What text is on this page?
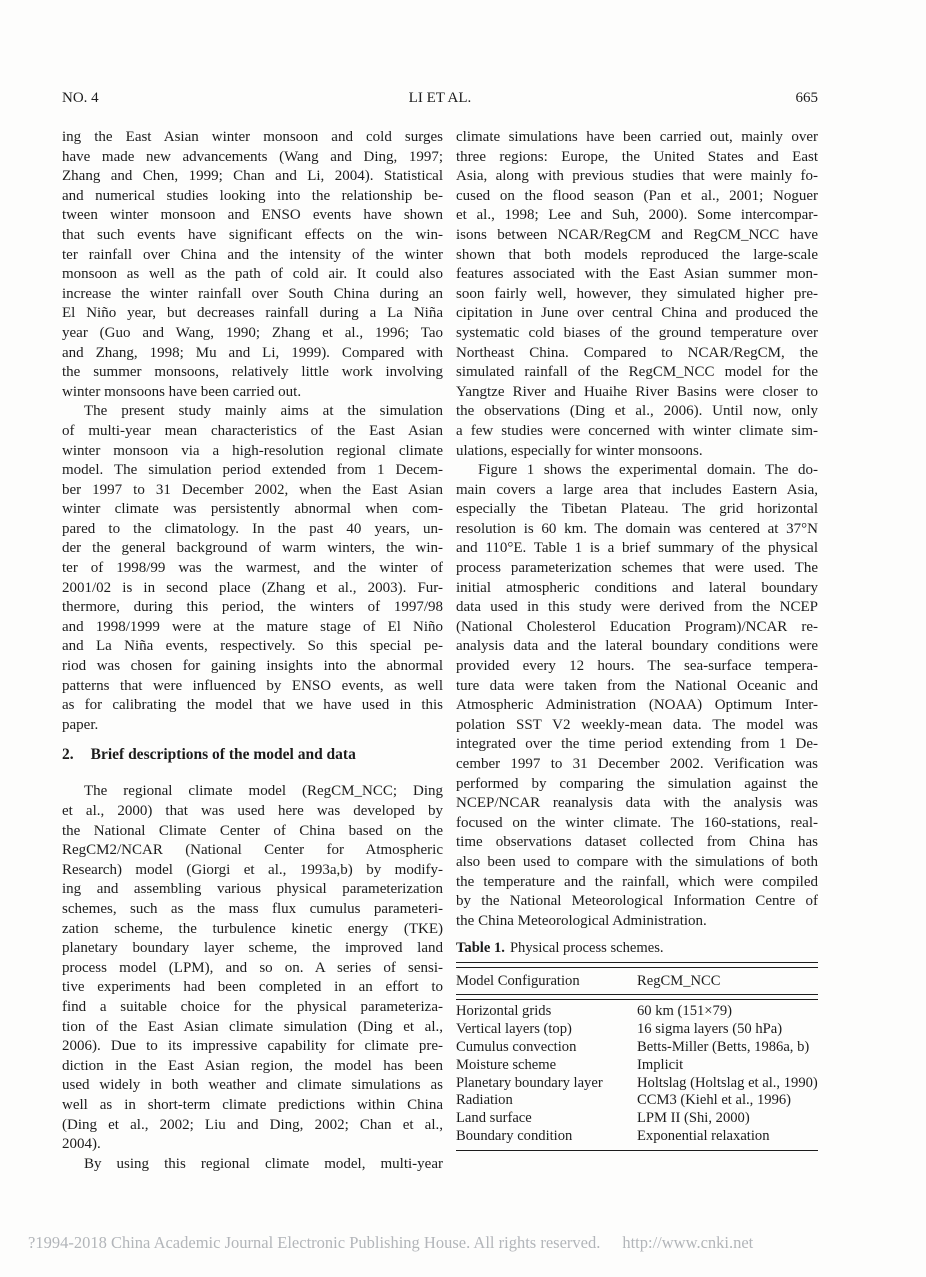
NO. 4	LI ET AL.	665
ing the East Asian winter monsoon and cold surges
have made new advancements (Wang and Ding, 1997;
Zhang and Chen, 1999; Chan and Li, 2004). Statistical
and numerical studies looking into the relationship be-
tween winter monsoon and ENSO events have shown
that such events have significant effects on the win-
ter rainfall over China and the intensity of the winter
monsoon as well as the path of cold air. It could also
increase the winter rainfall over South China during an
El Niño year, but decreases rainfall during a La Niña
year (Guo and Wang, 1990; Zhang et al., 1996; Tao
and Zhang, 1998; Mu and Li, 1999). Compared with
the summer monsoons, relatively little work involving
winter monsoons have been carried out.
The present study mainly aims at the simulation
of multi-year mean characteristics of the East Asian
winter monsoon via a high-resolution regional climate
model. The simulation period extended from 1 Decem-
ber 1997 to 31 December 2002, when the East Asian
winter climate was persistently abnormal when com-
pared to the climatology. In the past 40 years, un-
der the general background of warm winters, the win-
ter of 1998/99 was the warmest, and the winter of
2001/02 is in second place (Zhang et al., 2003). Fur-
thermore, during this period, the winters of 1997/98
and 1998/1999 were at the mature stage of El Niño
and La Niña events, respectively. So this special pe-
riod was chosen for gaining insights into the abnormal
patterns that were influenced by ENSO events, as well
as for calibrating the model that we have used in this
paper.
2. Brief descriptions of the model and data
The regional climate model (RegCM_NCC; Ding
et al., 2000) that was used here was developed by
the National Climate Center of China based on the
RegCM2/NCAR (National Center for Atmospheric
Research) model (Giorgi et al., 1993a,b) by modify-
ing and assembling various physical parameterization
schemes, such as the mass flux cumulus parameteri-
zation scheme, the turbulence kinetic energy (TKE)
planetary boundary layer scheme, the improved land
process model (LPM), and so on. A series of sensi-
tive experiments had been completed in an effort to
find a suitable choice for the physical parameteriza-
tion of the East Asian climate simulation (Ding et al.,
2006). Due to its impressive capability for climate pre-
diction in the East Asian region, the model has been
used widely in both weather and climate simulations as
well as in short-term climate predictions within China
(Ding et al., 2002; Liu and Ding, 2002; Chan et al.,
2004).
By using this regional climate model, multi-year
climate simulations have been carried out, mainly over
three regions: Europe, the United States and East
Asia, along with previous studies that were mainly fo-
cused on the flood season (Pan et al., 2001; Noguer
et al., 1998; Lee and Suh, 2000). Some intercompar-
isons between NCAR/RegCM and RegCM_NCC have
shown that both models reproduced the large-scale
features associated with the East Asian summer mon-
soon fairly well, however, they simulated higher pre-
cipitation in June over central China and produced the
systematic cold biases of the ground temperature over
Northeast China. Compared to NCAR/RegCM, the
simulated rainfall of the RegCM_NCC model for the
Yangtze River and Huaihe River Basins were closer to
the observations (Ding et al., 2006). Until now, only
a few studies were concerned with winter climate sim-
ulations, especially for winter monsoons.
Figure 1 shows the experimental domain. The do-
main covers a large area that includes Eastern Asia,
especially the Tibetan Plateau. The grid horizontal
resolution is 60 km. The domain was centered at 37°N
and 110°E. Table 1 is a brief summary of the physical
process parameterization schemes that were used. The
initial atmospheric conditions and lateral boundary
data used in this study were derived from the NCEP
(National Cholesterol Education Program)/NCAR re-
analysis data and the lateral boundary conditions were
provided every 12 hours. The sea-surface tempera-
ture data were taken from the National Oceanic and
Atmospheric Administration (NOAA) Optimum Inter-
polation SST V2 weekly-mean data. The model was
integrated over the time period extending from 1 De-
cember 1997 to 31 December 2002. Verification was
performed by comparing the simulation against the
NCEP/NCAR reanalysis data with the analysis was
focused on the winter climate. The 160-stations, real-
time observations dataset collected from China has
also been used to compare with the simulations of both
the temperature and the rainfall, which were compiled
by the National Meteorological Information Centre of
the China Meteorological Administration.
Table 1. Physical process schemes.
Model Configuration	RegCM_NCC
Horizontal grids	60 km (151×79)
Vertical layers (top)	16 sigma layers (50 hPa)
Cumulus convection	Betts-Miller (Betts, 1986a, b)
Moisture scheme	Implicit
Planetary boundary layer	Holtslag (Holtslag et al., 1990)
Radiation	CCM3 (Kiehl et al., 1996)
Land surface	LPM II (Shi, 2000)
Boundary condition	Exponential relaxation
?1994-2018 China Academic Journal Electronic Publishing House. All rights reserved. http://www.cnki.net
